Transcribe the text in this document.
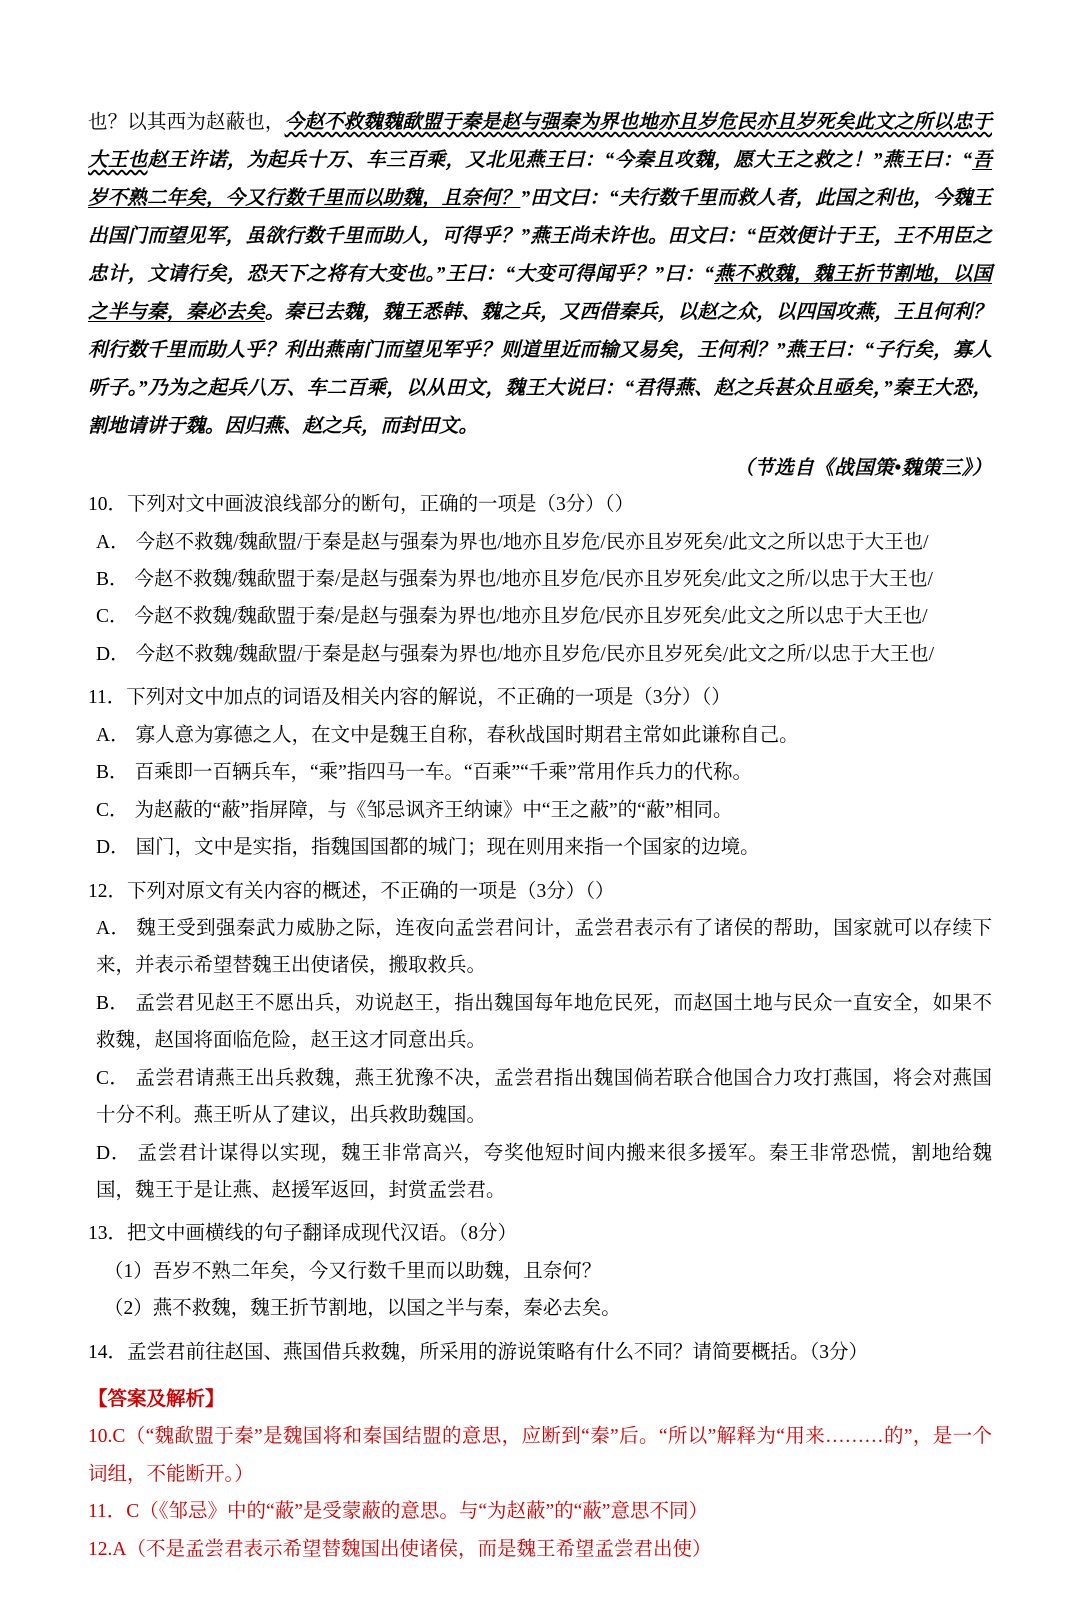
也？以其西为赵蔽也，今赵不救魏魏歃盟于秦是赵与强秦为界也地亦且岁危民亦且岁死矣此文之所以忠于大王也赵王许诺，为起兵十万、车三百乘，又北见燕王曰：“今秦且攻魏，愿大王之救之！”燕王曰：“吾岁不熟二年矣，今又行数千里而以助魏，且奈何？”田文曰：“夫行数千里而救人者，此国之利也，今魏王出国门而望见军，虽欲行数千里而助人，可得乎？”燕王尚未许也。田文曰：“臣效便计于王，王不用臣之忠计，文请行矣，恐天下之将有大变也。”王曰：“大变可得闻乎？”曰：“燕不救魏，魏王折节割地，以国之半与秦，秦必去矣。秦已去魏，魏王悉韩、魏之兵，又西借秦兵，以赵之众，以四国攻燕，王且何利？利行数千里而助人乎？利出燕南门而望见军乎？则道里近而输又易矣，王何利？”燕王曰：“子行矣，寡人听子。”乃为之起兵八万、车二百乘，以从田文，魏王大说曰：“君得燕、赵之兵甚众且亟矣，”秦王大恐，割地请讲于魏。因归燕、赵之兵，而封田文。
（节选自《战国策•魏策三》）
10．下列对文中画波浪线部分的断句，正确的一项是（3分）（）
A． 今赵不救魏/魏歃盟/于秦是赵与强秦为界也/地亦且岁危/民亦且岁死矣/此文之所以忠于大王也/
B． 今赵不救魏/魏歃盟于秦/是赵与强秦为界也/地亦且岁危/民亦且岁死矣/此文之所/以忠于大王也/
C． 今赵不救魏/魏歃盟于秦/是赵与强秦为界也/地亦且岁危/民亦且岁死矣/此文之所以忠于大王也/
D． 今赵不救魏/魏歃盟/于秦是赵与强秦为界也/地亦且岁危/民亦且岁死矣/此文之所/以忠于大王也/
11．下列对文中加点的词语及相关内容的解说，不正确的一项是（3分）（）
A． 寡人意为寡德之人，在文中是魏王自称，春秋战国时期君主常如此谦称自己。
B． 百乘即一百辆兵车，“乘”指四马一车。“百乘”“千乘”常用作兵力的代称。
C． 为赵蔽的“蔽”指屏障，与《邹忌讽齐王纳谏》中“王之蔽”的“蔽”相同。
D． 国门，文中是实指，指魏国国都的城门；现在则用来指一个国家的边境。
12．下列对原文有关内容的概述，不正确的一项是（3分）（）
A． 魏王受到强秦武力威胁之际，连夜向孟尝君问计，孟尝君表示有了诸侯的帮助，国家就可以存续下来，并表示希望替魏王出使诸侯，搬取救兵。
B． 孟尝君见赵王不愿出兵，劝说赵王，指出魏国每年地危民死，而赵国土地与民众一直安全，如果不救魏，赵国将面临危险，赵王这才同意出兵。
C． 孟尝君请燕王出兵救魏，燕王犹豫不决，孟尝君指出魏国倘若联合他国合力攻打燕国，将会对燕国十分不利。燕王听从了建议，出兵救助魏国。
D． 孟尝君计谋得以实现，魏王非常高兴，夸奖他短时间内搬来很多援军。秦王非常恐慌，割地给魏国，魏王于是让燕、赵援军返回，封赏孟尝君。
13．把文中画横线的句子翻译成现代汉语。（8分）
（1）吾岁不熟二年矣，今又行数千里而以助魏，且奈何？
（2）燕不救魏，魏王折节割地，以国之半与秦，秦必去矣。
14．孟尝君前往赵国、燕国借兵救魏，所采用的游说策略有什么不同？请简要概括。（3分）
【答案及解析】
10.C（“魏歃盟于秦”是魏国将和秦国结盟的意思，应断到“秦”后。“所以”解释为“用来………的”，是一个词组，不能断开。）
11．C（《邹忌》中的“蔽”是受蒙蔽的意思。与“为赵蔽”的“蔽”意思不同）
12.A（不是孟尝君表示希望替魏国出使诸侯，而是魏王希望孟尝君出使）
